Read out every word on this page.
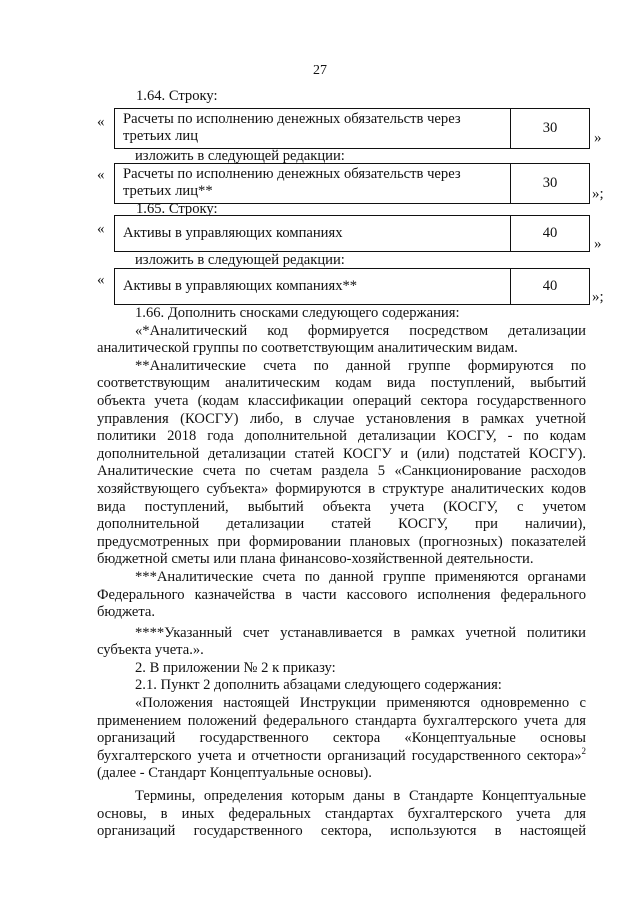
27
1.64. Строку:
« Расчеты по исполнению денежных обязательств через
третьих лиц
30
»
изложить в следующей редакции:
« Расчеты по исполнению денежных обязательств через
третьих лиц**
30
»;
1.65. Строку:
« Активы в управляющих компаниях	40
»
изложить в следующей редакции:
« Активы в управляющих компаниях**	40
»;
1.66. Дополнить сносками следующего содержания:
«*Аналитический код формируется посредством детализации
аналитической группы по соответствующим аналитическим видам.
**Аналитические счета по данной группе формируются по
соответствующим аналитическим кодам вида поступлений, выбытий
объекта учета (кодам классификации операций сектора государственного
управления (КОСГУ) либо, в случае установления в рамках учетной
политики 2018 года дополнительной детализации КОСГУ, - по кодам
дополнительной детализации статей КОСГУ и (или) подстатей КОСГУ).
Аналитические счета по счетам раздела 5 «Санкционирование расходов
хозяйствующего субъекта» формируются в структуре аналитических кодов
вида поступлений, выбытий объекта учета (КОСГУ, с учетом
дополнительной детализации статей КОСГУ, при наличии),
предусмотренных при формировании плановых (прогнозных) показателей
бюджетной сметы или плана финансово-хозяйственной деятельности.
***Аналитические счета по данной группе применяются органами
Федерального казначейства в части кассового исполнения федерального
бюджета.
****Указанный счет устанавливается в рамках учетной политики
субъекта учета.».
2. В приложении № 2 к приказу:
2.1. Пункт 2 дополнить абзацами следующего содержания:
«Положения настоящей Инструкции применяются одновременно с
применением положений федерального стандарта бухгалтерского учета для
организаций государственного сектора «Концептуальные основы
бухгалтерского учета и отчетности организаций государственного сектора»$^2$
(далее - Стандарт Концептуальные основы).
Термины, определения которым даны в Стандарте Концептуальные
основы, в иных федеральных стандартах бухгалтерского учета для
организаций государственного сектора, используются в настоящей
